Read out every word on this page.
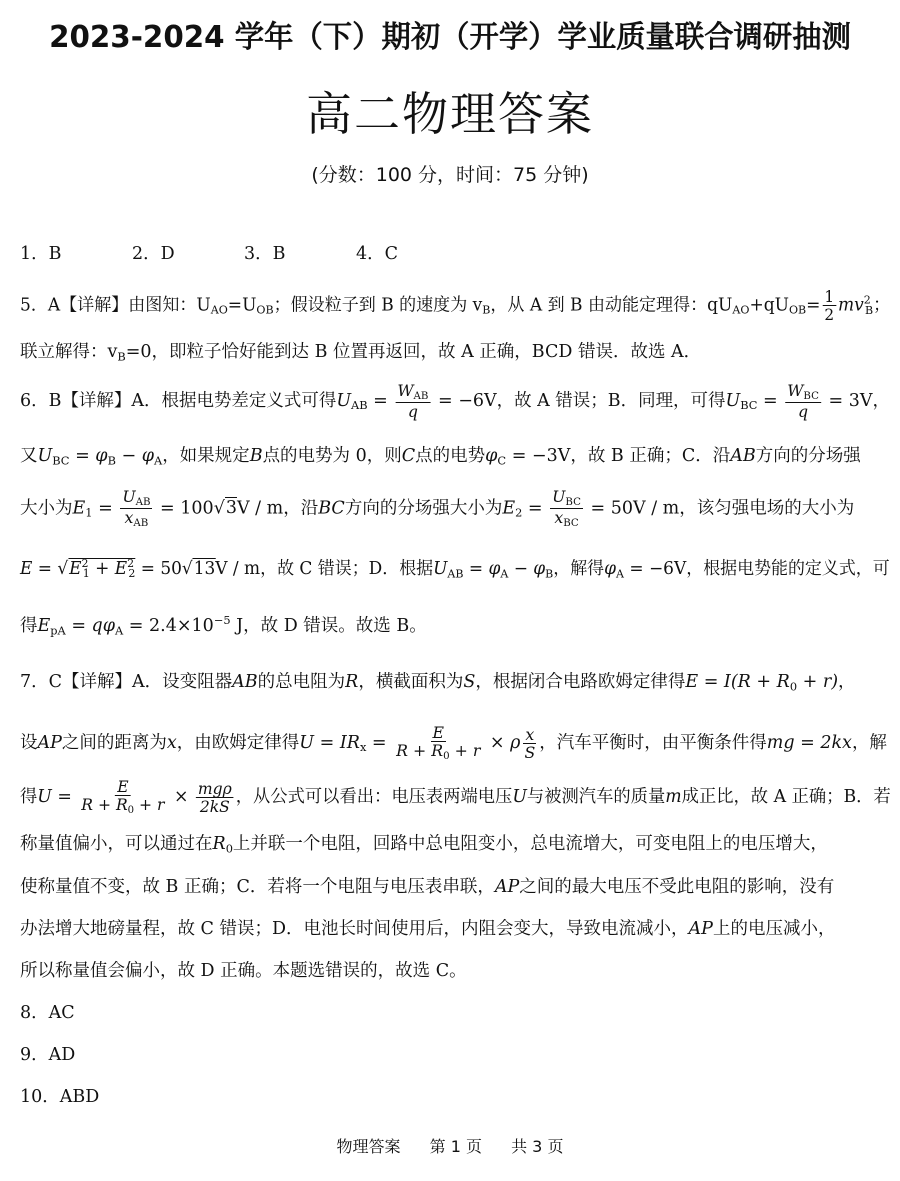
2023-2024 学年（下）期初（开学）学业质量联合调研抽测
高二物理答案
(分数：100 分，时间：75 分钟)
1．B	2．D	3．B	4．C
5．A【详解】由图知：$U_{AO}=U_{OB}$；假设粒子到 B 的速度为 $v_B$，从 A 到 B 由动能定理得：$qU_{AO}+qU_{OB}= \frac{1}{2} mv^2_B$；
联立解得：$v_B=0$，即粒子恰好能到达 B 位置再返回，故 A 正确，BCD 错误．故选 A．
6．B【详解】A．根据电势差定义式可得$U_{AB} = \frac{W_{AB}}{q} = -6V$，故 A 错误；B．同理，可得$U_{BC} = \frac{W_{BC}}{q} = 3V$，
又$U_{BC} = \varphi_B - \varphi_A$，如果规定B点的电势为 0，则C点的电势$\varphi_C = -3V$，故 B 正确；C．沿AB方向的分场强
大小为$E_1 = \frac{U_{AB}}{x_{AB}} = 100√3V / m$，沿BC方向的分场强大小为$E_2 = \frac{U_{BC}}{x_{BC}} = 50V / m$，该匀强电场的大小为
$E = √E^2_1 + E^2_2 = 50√13V / m$，故 C 错误；D．根据$U_{AB} = \varphi_A - \varphi_B$，解得$\varphi_A = -6V$，根据电势能的定义式，可
得$E_{pA} = q\varphi_A = 2.4\times 10^{-5}$ J，故 D 错误。故选 B。
7．C【详解】A．设变阻器AB的总电阻为R，横截面积为S，根据闭合电路欧姆定律得$E = I(R + R_0 + r)$，
设AP之间的距离为x，由欧姆定律得$U = IR_x = \frac{E}{R + R_0 + r} \times \rho \frac{x}{S}$ ，汽车平衡时，由平衡条件得mg = 2kx，解
得$U = \frac{E}{R + R_0 + r} \times \frac{\text{mgρ}}{2kS}$ ，从公式可以看出：电压表两端电压U与被测汽车的质量m成正比，故 A 正确；B．若
称量值偏小，可以通过在$R_0$上并联一个电阻，回路中总电阻变小，总电流增大，可变电阻上的电压增大，
使称量值不变，故 B 正确；C．若将一个电阻与电压表串联，AP之间的最大电压不受此电阻的影响，没有
办法增大地磅量程，故 C 错误；D．电池长时间使用后，内阻会变大，导致电流减小，AP上的电压减小，
所以称量值会偏小，故 D 正确。本题选错误的，故选 C。
8．AC
9．AD
10．ABD
物理答案 第 1 页 共 3 页
